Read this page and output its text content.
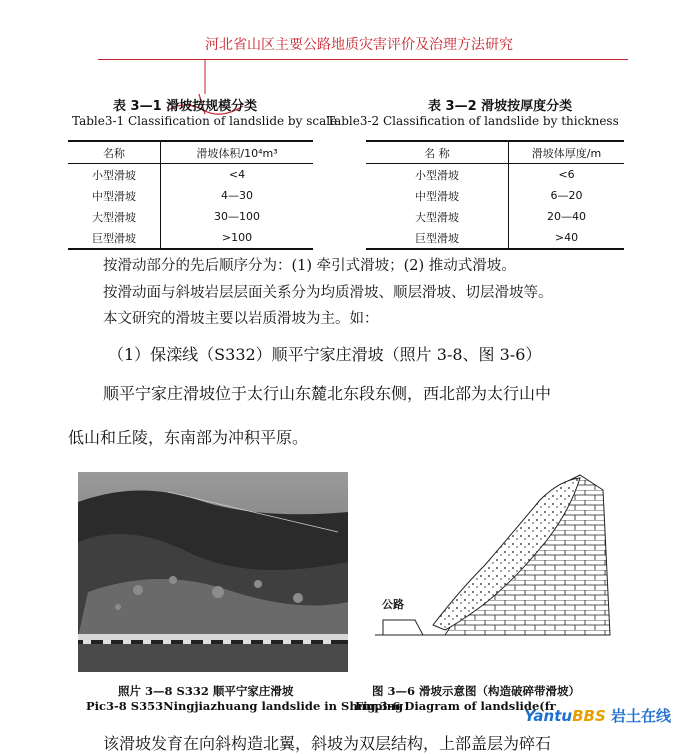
河北省山区主要公路地质灾害评价及治理方法研究
表 3—1 滑坡按规模分类
Table3-1 Classification of landslide by scale
名称	滑坡体积/10⁴m³
小型滑坡	<4
中型滑坡	4—30
大型滑坡	30—100
巨型滑坡	>100
表 3—2 滑坡按厚度分类
Table3-2 Classification of landslide by thickness
名 称	滑坡体厚度/m
小型滑坡	<6
中型滑坡	6—20
大型滑坡	20—40
巨型滑坡	>40
按滑动部分的先后顺序分为：(1) 牵引式滑坡；(2) 推动式滑坡。
按滑动面与斜坡岩层层面关系分为均质滑坡、顺层滑坡、切层滑坡等。
本文研究的滑坡主要以岩质滑坡为主。如：
（1）保滦线（S332）顺平宁家庄滑坡（照片 3-8、图 3-6）
顺平宁家庄滑坡位于太行山东麓北东段东侧，西北部为太行山中
低山和丘陵，东南部为冲积平原。
公路
照片 3—8 S332 顺平宁家庄滑坡
Pic3-8 S353Ningjiazhuang landslide in Shunping
图 3—6 滑坡示意图（构造破碎带滑坡）
Fig.3-6 Diagram of landslide(fr
该滑坡发育在向斜构造北翼，斜坡为双层结构，上部盖层为碎石
YantuBBS 岩土在线
